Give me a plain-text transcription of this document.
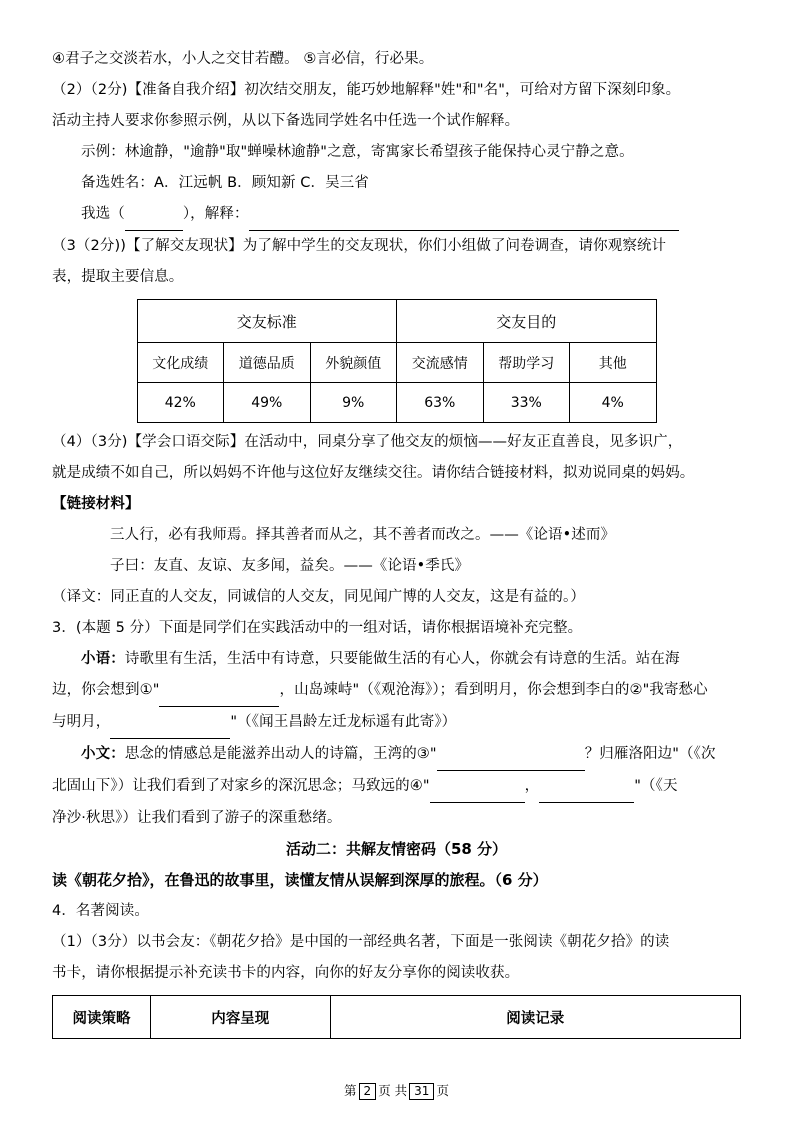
④君子之交淡若水，小人之交甘若醴。 ⑤言必信，行必果。
（2）（2分)【准备自我介绍】初次结交朋友，能巧妙地解释"姓"和"名"，可给对方留下深刻印象。
活动主持人要求你参照示例，从以下备选同学姓名中任选一个试作解释。
示例：林逾静，"逾静"取"蝉噪林逾静"之意，寄寓家长希望孩子能保持心灵宁静之意。
备选姓名：A．江远帆 B．顾知新 C．吴三省
我选（	），解释：
（3（2分))【了解交友现状】为了解中学生的交友现状，你们小组做了问卷调查，请你观察统计
表，提取主要信息。
交友标准			交友目的		
文化成绩	道德品质	外貌颜值	交流感情	帮助学习	其他
42%	49%	9%	63%	33%	4%
（4）（3分)【学会口语交际】在活动中，同桌分享了他交友的烦恼——好友正直善良，见多识广，
就是成绩不如自己，所以妈妈不许他与这位好友继续交往。请你结合链接材料，拟劝说同桌的妈妈。
【链接材料】
三人行，必有我师焉。择其善者而从之，其不善者而改之。——《论语•述而》
子曰：友直、友谅、友多闻，益矣。——《论语•季氏》
（译文：同正直的人交友，同诚信的人交友，同见闻广博的人交友，这是有益的。）
3．(本题 5 分）下面是同学们在实践活动中的一组对话，请你根据语境补充完整。
小语：诗歌里有生活，生活中有诗意，只要能做生活的有心人，你就会有诗意的生活。站在海
边，你会想到①"	，山岛竦峙"（《观沧海》）；看到明月，你会想到李白的②"我寄愁心
与明月，	"（《闻王昌龄左迁龙标遥有此寄》）
小文：思念的情感总是能滋养出动人的诗篇，王湾的③"	？归雁洛阳边"（《次
北固山下》）让我们看到了对家乡的深沉思念；马致远的④"	，	"（《天
净沙·秋思》）让我们看到了游子的深重愁绪。
活动二：共解友情密码（58 分）
读《朝花夕拾》，在鲁迅的故事里，读懂友情从误解到深厚的旅程。（6 分）
4．名著阅读。
（1）（3分）以书会友：《朝花夕拾》是中国的一部经典名著，下面是一张阅读《朝花夕拾》的读
书卡，请你根据提示补充读书卡的内容，向你的好友分享你的阅读收获。
阅读策略	内容呈现	阅读记录
第 2 页 共 31 页
